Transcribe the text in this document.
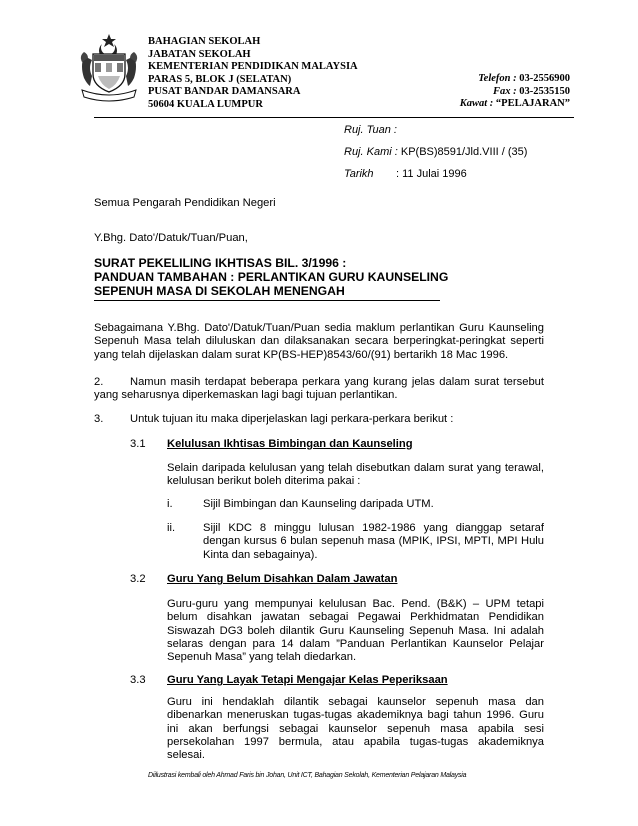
BAHAGIAN SEKOLAH
JABATAN SEKOLAH
KEMENTERIAN PENDIDIKAN MALAYSIA
PARAS 5, BLOK J (SELATAN)
PUSAT BANDAR DAMANSARA
50604 KUALA LUMPUR
Telefon : 03-2556900
Fax : 03-2535150
Kawat : “PELAJARAN”
Ruj. Tuan :
Ruj. Kami : KP(BS)8591/Jld.VIII / (35)
Tarikh : 11 Julai 1996
Semua Pengarah Pendidikan Negeri
Y.Bhg. Dato'/Datuk/Tuan/Puan,
SURAT PEKELILING IKHTISAS BIL. 3/1996 :
PANDUAN TAMBAHAN : PERLANTIKAN GURU KAUNSELING
SEPENUH MASA DI SEKOLAH MENENGAH
Sebagaimana Y.Bhg. Dato'/Datuk/Tuan/Puan sedia maklum perlantikan Guru Kaunseling Sepenuh Masa telah diluluskan dan dilaksanakan secara berperingkat-peringkat seperti yang telah dijelaskan dalam surat KP(BS-HEP)8543/60/(91) bertarikh 18 Mac 1996.
2. Namun masih terdapat beberapa perkara yang kurang jelas dalam surat tersebut
yang seharusnya diperkemaskan lagi bagi tujuan perlantikan.
3. Untuk tujuan itu maka diperjelaskan lagi perkara-perkara berikut :
3.1 Kelulusan Ikhtisas Bimbingan dan Kaunseling
Selain daripada kelulusan yang telah disebutkan dalam surat yang terawal, kelulusan berikut boleh diterima pakai :
i.	Sijil Bimbingan dan Kaunseling daripada UTM.
ii. Sijil KDC 8 minggu lulusan 1982-1986 yang dianggap setaraf dengan kursus 6 bulan sepenuh masa (MPIK, IPSI, MPTI, MPI Hulu Kinta dan sebagainya).
3.2 Guru Yang Belum Disahkan Dalam Jawatan
Guru-guru yang mempunyai kelulusan Bac. Pend. (B&K) – UPM tetapi belum disahkan jawatan sebagai Pegawai Perkhidmatan Pendidikan Siswazah DG3 boleh dilantik Guru Kaunseling Sepenuh Masa. Ini adalah selaras dengan para 14 dalam ”Panduan Perlantikan Kaunselor Pelajar Sepenuh Masa” yang telah diedarkan.
3.3 Guru Yang Layak Tetapi Mengajar Kelas Peperiksaan
Guru ini hendaklah dilantik sebagai kaunselor sepenuh masa dan dibenarkan meneruskan tugas-tugas akademiknya bagi tahun 1996. Guru ini akan berfungsi sebagai kaunselor sepenuh masa apabila sesi persekolahan 1997 bermula, atau apabila tugas-tugas akademiknya selesai.
Diilustrasi kembali oleh Ahmad Faris bin Johan, Unit ICT, Bahagian Sekolah, Kementerian Pelajaran Malaysia
